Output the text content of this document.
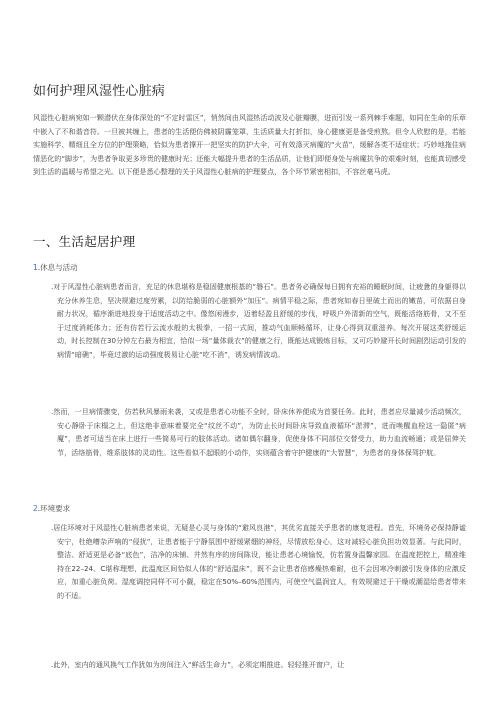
如何护理风湿性心脏病
风湿性心脏病宛如一颗潜伏在身体深处的“不定时雷区”，悄然间由风湿热活动波及心脏瓣膜，进而引发一系列棘手难题，如同在生命的乐章中嵌入了不和谐音符。一旦被其缠上，患者的生活便仿佛被阴霾笼罩，生活质量大打折扣，身心健康更是备受煎熬。但令人欣慰的是，若能实施科学、精细且全方位的护理策略，恰似为患者撑开一把坚实的防护大伞，可有效涤灭病魔的“火苗”，缓解各类不适症状；巧妙地拖住病情恶化的“脚步”，为患者争取更多珍贵的健康时光；还能大幅提升患者的生活品质，让他们即便身处与病魔抗争的艰难时刻，也能真切感受到生活的温暖与希望之光。以下便是悉心整理的关于风湿性心脏病的护理要点，各个环节紧密相扣，不容丝毫马虎。
一、生活起居护理
1.休息与活动
.对于风湿性心脏病患者而言，充足的休息堪称是稳固健康根基的“磐石”。患者务必确保每日拥有充裕的睡眠时间，让疲惫的身躯得以充分休养生息，坚决规避过度劳累，以防给脆弱的心脏额外“加压”。病情平稳之际，患者宛如春日里破土而出的嫩苗，可依据自身耐力状况，循序渐进地投身于适度活动之中。像悠闲漫步，迈着轻盈且舒缓的步伐，呼吸户外清新的空气，既能活络筋骨，又不至于过度消耗体力；还有仿若行云流水般的太极拳，一招一式间，推动气血顺畅循环，让身心得到双重滋养。每次开展这类舒缓运动，时长控制在30分钟左右最为相宜，恰似一场“量体裁衣”的健康之行，既能达成锻炼目标，又可巧妙避开长时间剧烈运动引发的病情“暗礁”，毕竟过激的运动强度极易让心脏“吃不消”，诱发病情波动。
.然而，一旦病情骤变，仿若秋风暴雨来袭，又或是患者心功能不全时，卧床休养便成为首要任务。此时，患者应尽量减少活动频次，安心静卧于床榻之上，但这绝非意味着要完全“纹丝不动”，为防止长时间卧床导致血液循环“淤滞”，进而唤醒血栓这一隐匿“病魔”，患者可适当在床上进行一些简易可行的肢体活动。诸如偶尔翻身，促使身体不同部位交替受力，助力血流畅通；或是屈伸关节，活络筋骨，维系肢体的灵动性。这些看似不起眼的小动作，实则蕴含着守护健康的“大智慧”，为患者的身体保驾护航。
2.环境要求
.居住环境对于风湿性心脏病患者来说，无疑是心灵与身体的“避风良港”，其优劣直接关乎患者的康复进程。首先，环境务必保持静谧安宁，杜绝嘈杂声响的“侵扰”，让患者能于宁静氛围中舒缓紧绷的神经，尽情放松身心，这对减轻心脏负担功效显著。与此同时，整洁、舒适更是必备“底色”，洁净的床铺、井然有序的房间陈设，能让患者心境愉悦，仿若置身温馨家园。在温度把控上，精准维持在22–24、C堪称理想，此温度区间恰似人体的“舒适温床”，既不会让患者倍感燥热难耐，也不会因寒冷刺激引发身体的应激反应，加重心脏负荷。湿度调控同样不可小觑，稳定在50%–60%范围内，可使空气温润宜人，有效规避过于干燥或潮湿给患者带来的不适。
.此外，室内的通风换气工作犹如为房间注入“鲜活生命力”，必须定期推进。轻轻推开窗户，让
